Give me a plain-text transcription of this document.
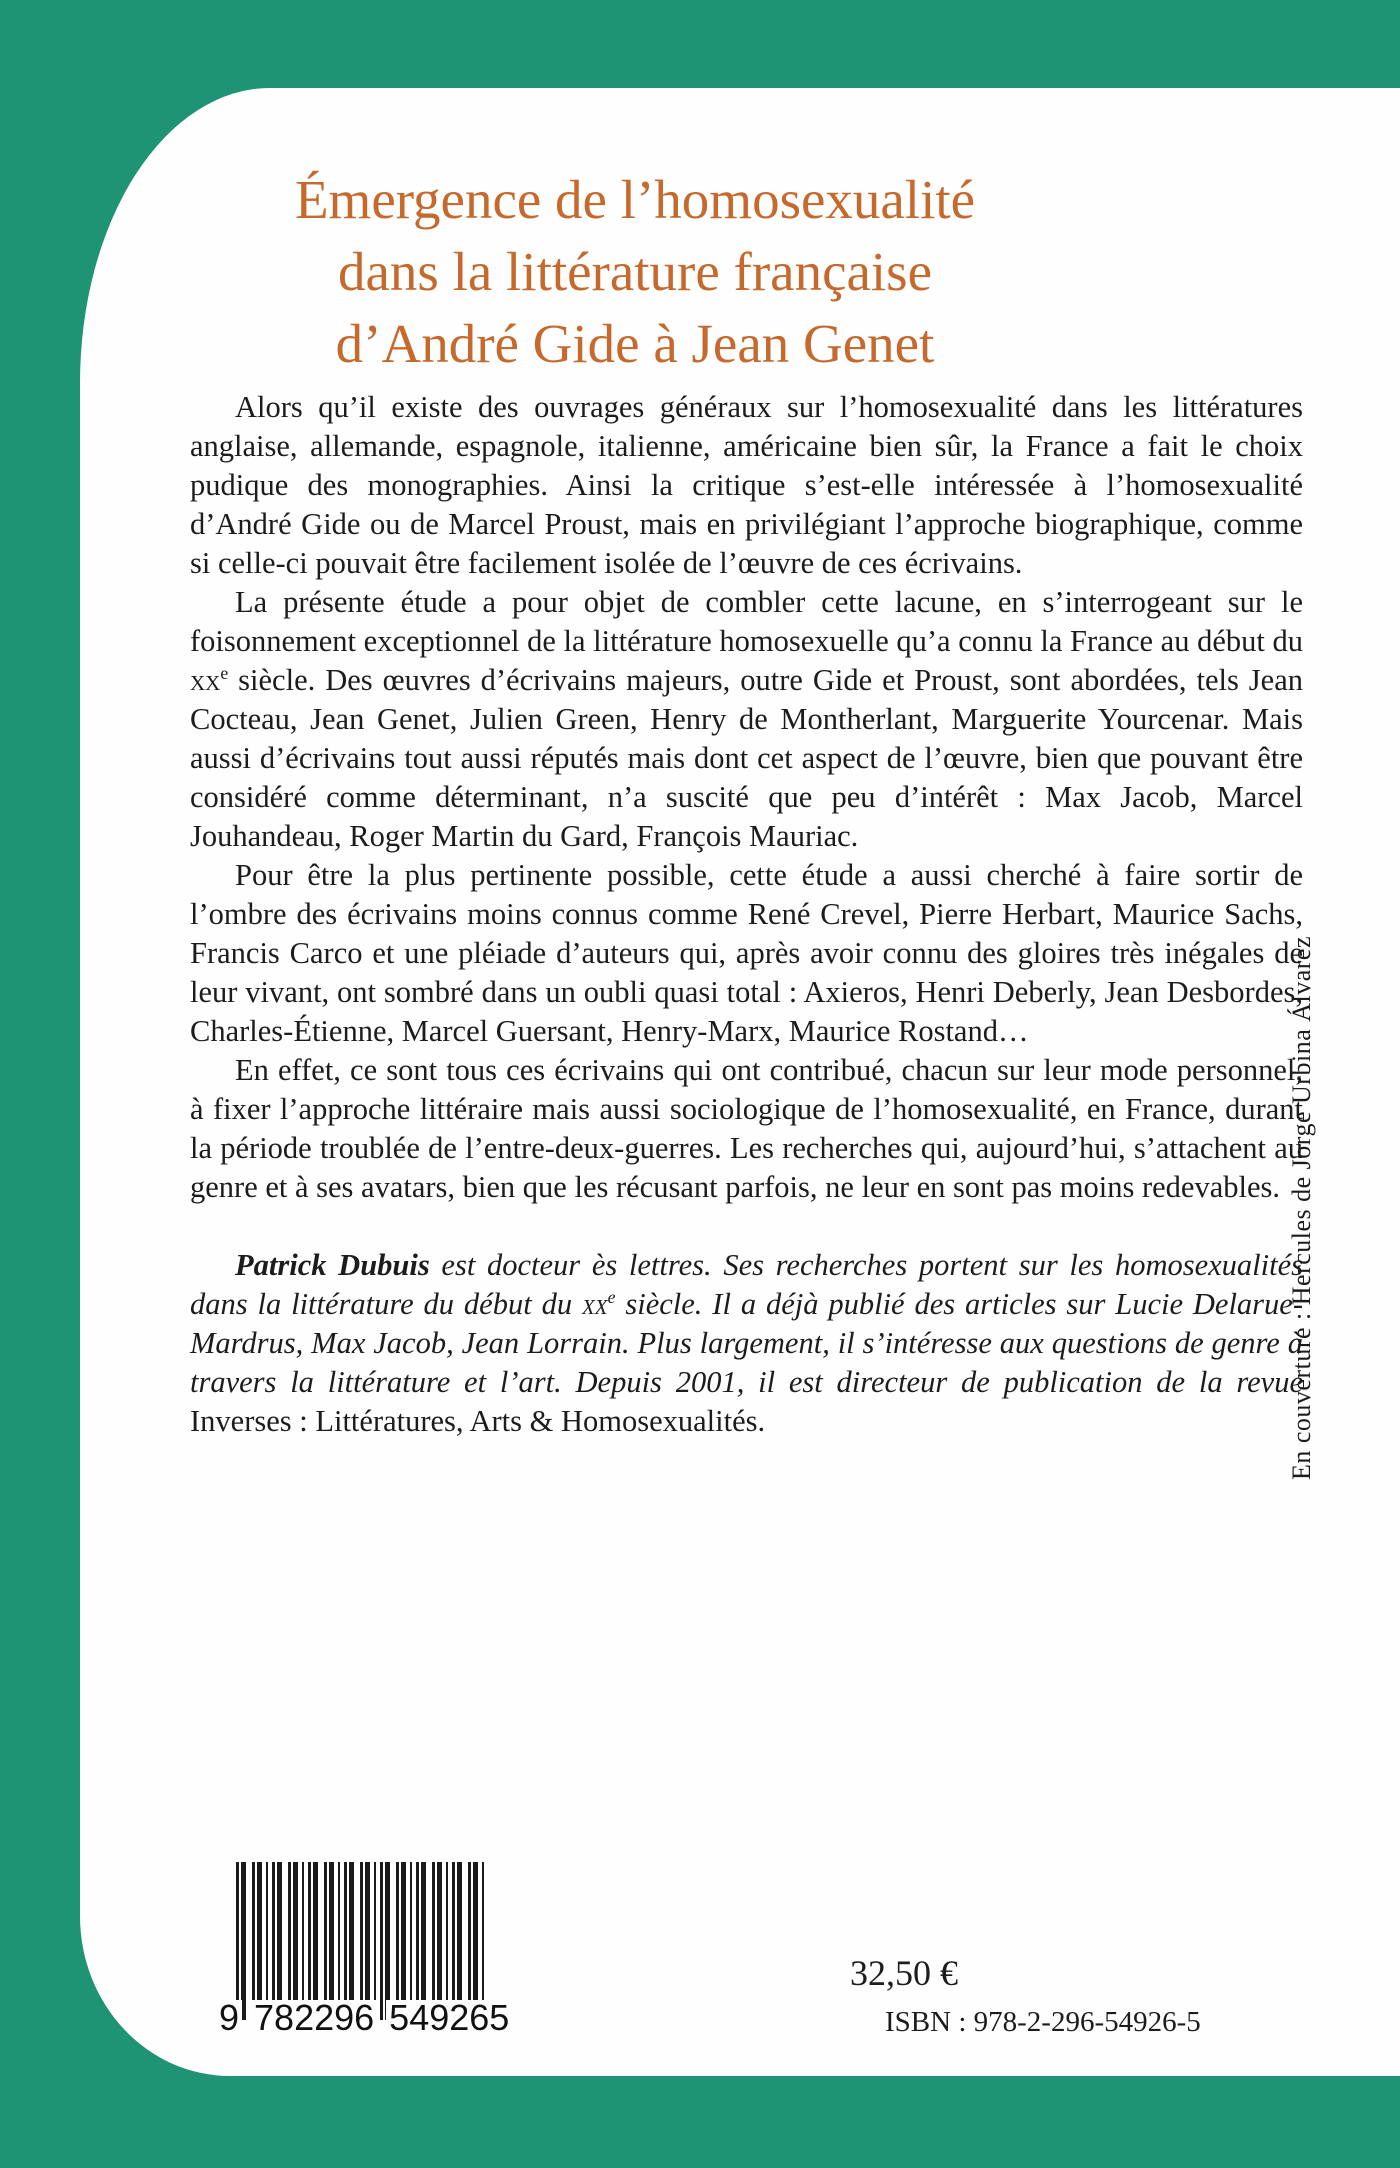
Émergence de l’homosexualité
dans la littérature française
d’André Gide à Jean Genet

Alors qu’il existe des ouvrages généraux sur l’homosexualité dans les littératures anglaise, allemande, espagnole, italienne, américaine bien sûr, la France a fait le choix pudique des monographies. Ainsi la critique s’est-elle intéressée à l’homosexualité d’André Gide ou de Marcel Proust, mais en privilégiant l’approche biographique, comme si celle-ci pouvait être facilement isolée de l’œuvre de ces écrivains.

La présente étude a pour objet de combler cette lacune, en s’interrogeant sur le foisonnement exceptionnel de la littérature homosexuelle qu’a connu la France au début du $xx^e$ siècle. Des œuvres d’écrivains majeurs, outre Gide et Proust, sont abordées, tels Jean Cocteau, Jean Genet, Julien Green, Henry de Montherlant, Marguerite Yourcenar. Mais aussi d’écrivains tout aussi réputés mais dont cet aspect de l’œuvre, bien que pouvant être considéré comme déterminant, n’a suscité que peu d’intérêt : Max Jacob, Marcel Jouhandeau, Roger Martin du Gard, François Mauriac.

Pour être la plus pertinente possible, cette étude a aussi cherché à faire sortir de l’ombre des écrivains moins connus comme René Crevel, Pierre Herbart, Maurice Sachs, Francis Carco et une pléiade d’auteurs qui, après avoir connu des gloires très inégales de leur vivant, ont sombré dans un oubli quasi total : Axieros, Henri Deberly, Jean Desbordes, Charles-Étienne, Marcel Guersant, Henry-Marx, Maurice Rostand…

En effet, ce sont tous ces écrivains qui ont contribué, chacun sur leur mode personnel, à fixer l’approche littéraire mais aussi sociologique de l’homosexualité, en France, durant la période troublée de l’entre-deux-guerres. Les recherches qui, aujourd’hui, s’attachent au genre et à ses avatars, bien que les récusant parfois, ne leur en sont pas moins redevables.

Patrick Dubuis est docteur ès lettres. Ses recherches portent sur les homosexualités dans la littérature du début du $xx^e$ siècle. Il a déjà publié des articles sur Lucie Delarue-Mardrus, Max Jacob, Jean Lorrain. Plus largement, il s’intéresse aux questions de genre à travers la littérature et l’art. Depuis 2001, il est directeur de publication de la revue Inverses : Littératures, Arts & Homosexualités.	En couverture : Hercules de Jorge Urbina Álvarez
9 782296 549265
32,50 €
ISBN : 978-2-296-54926-5
